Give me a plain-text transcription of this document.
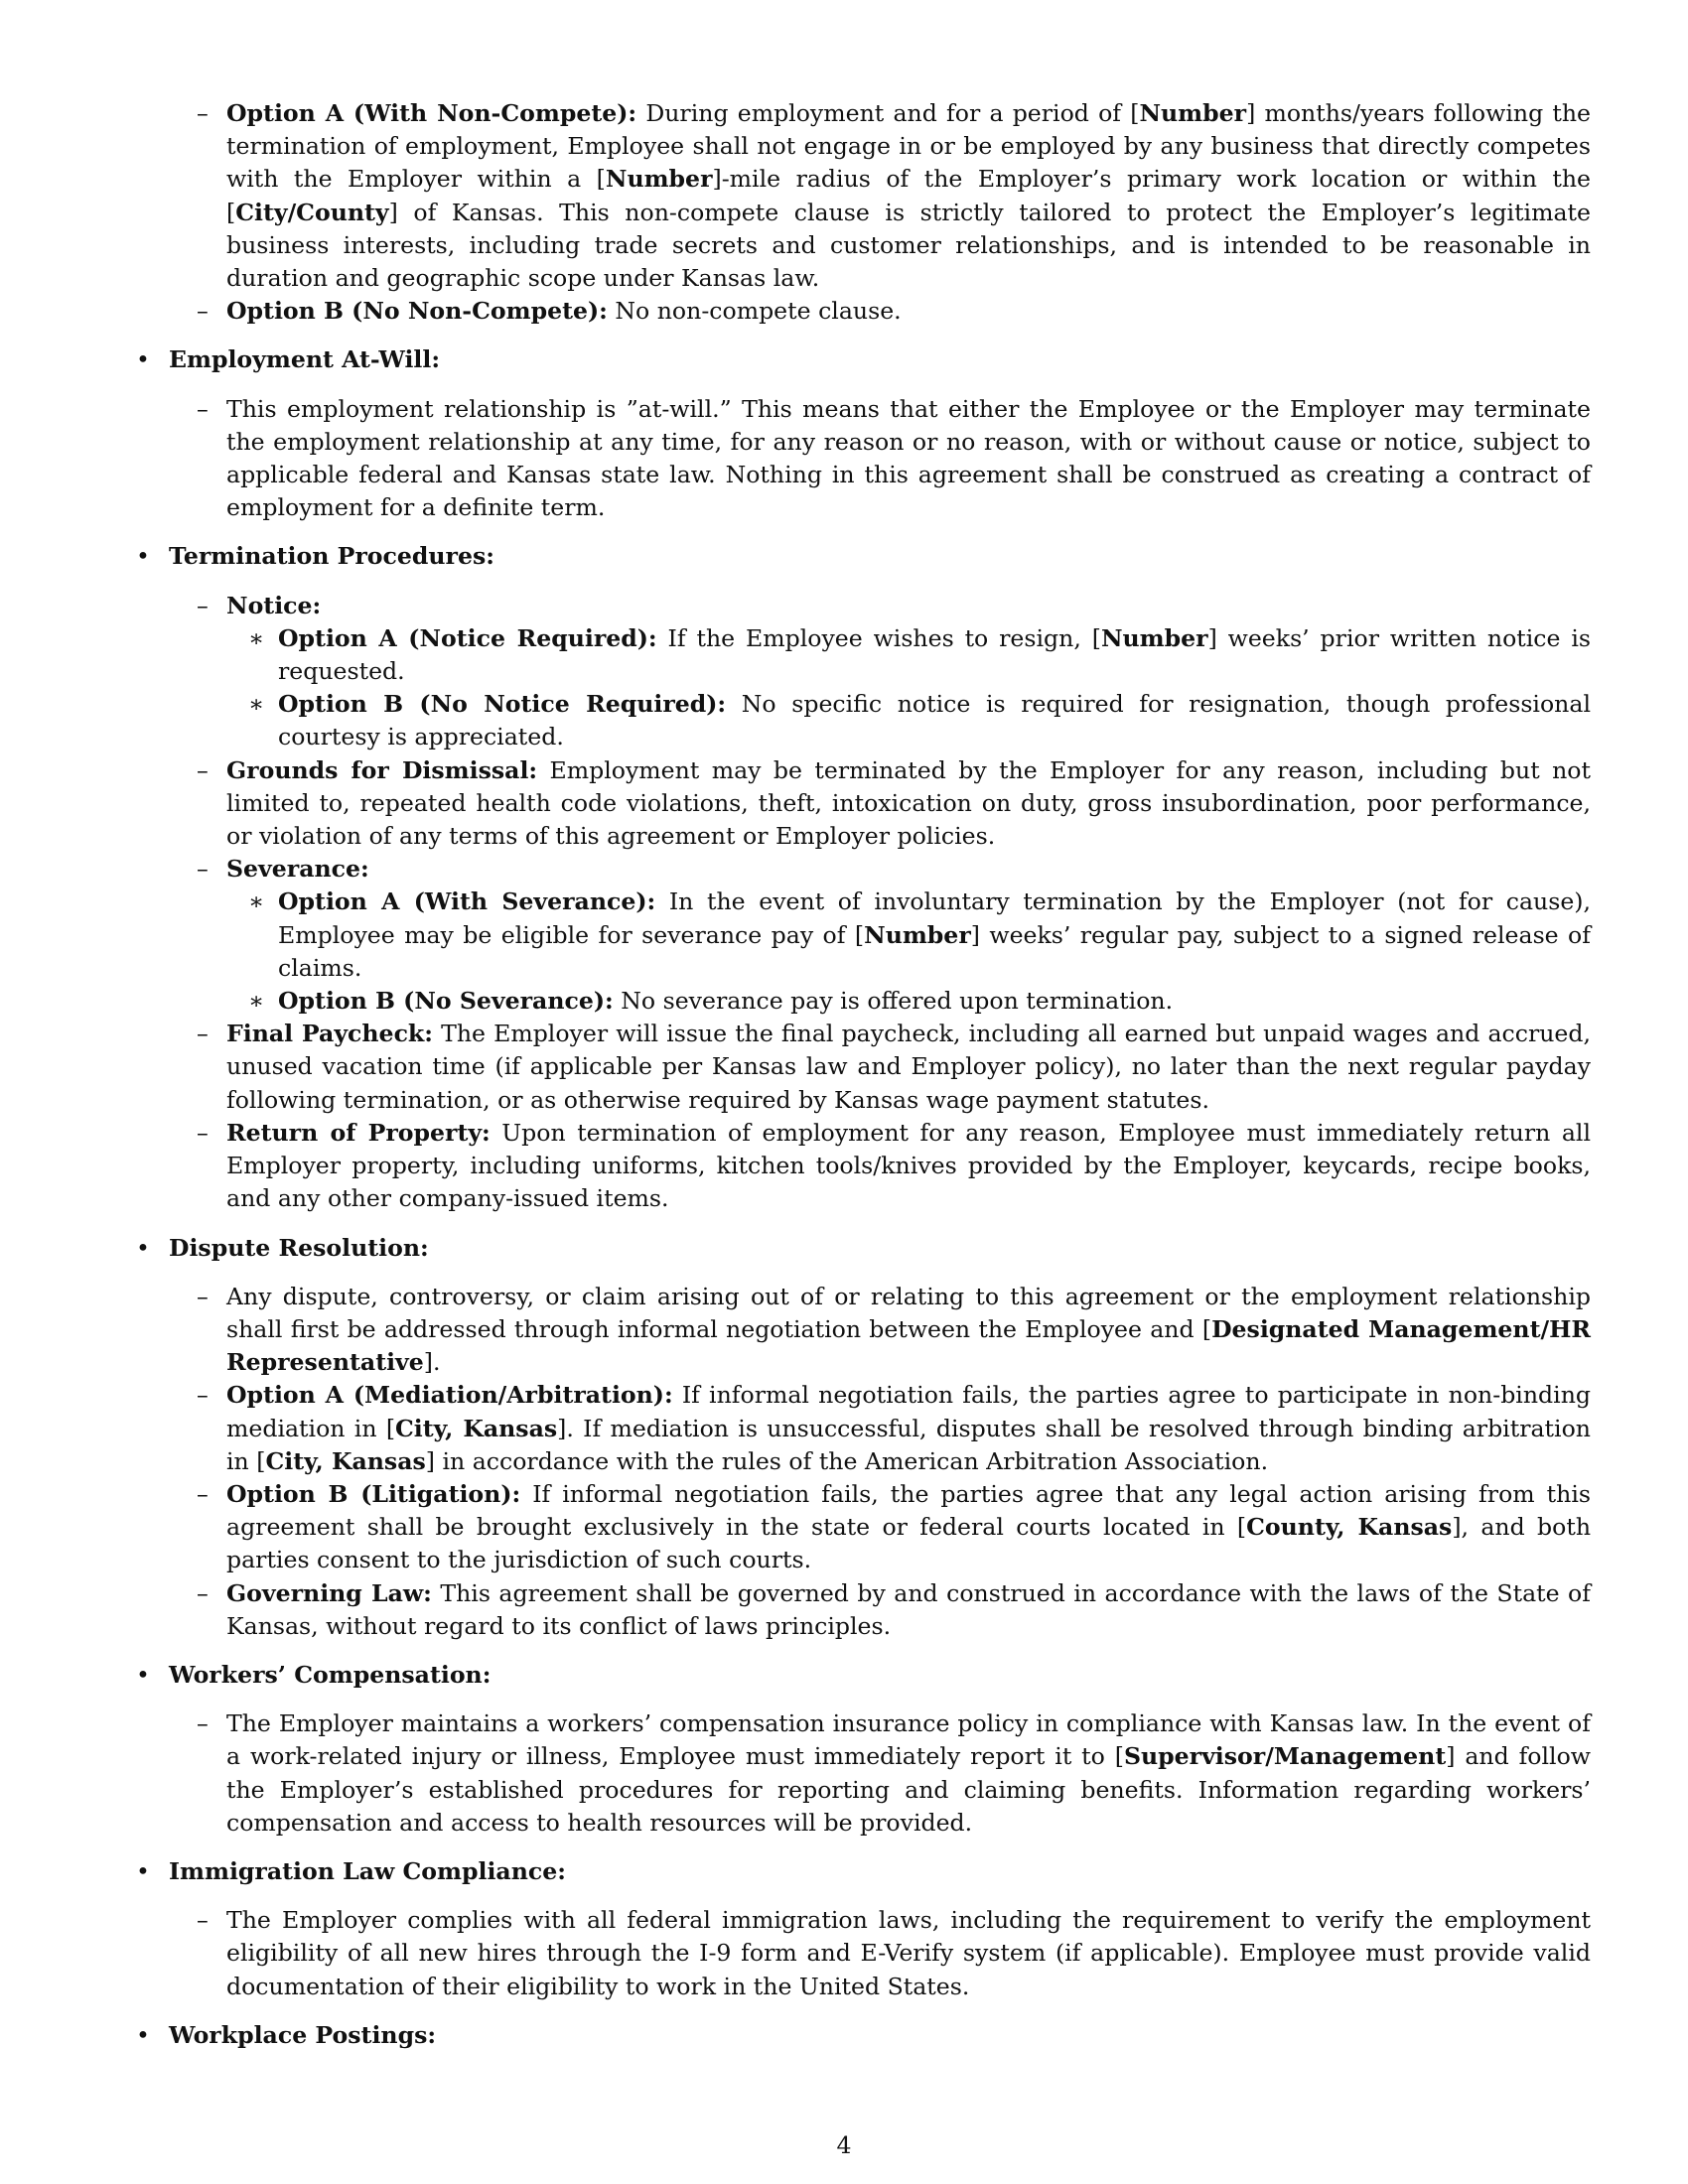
– Option A (With Non-Compete): During employment and for a period of [Number] months/years following the termination of employment, Employee shall not engage in or be employed by any business that directly competes with the Employer within a [Number]-mile radius of the Employer’s primary work location or within the [City/County] of Kansas. This non-compete clause is strictly tailored to protect the Employer’s legitimate business interests, including trade secrets and customer relationships, and is intended to be reasonable in duration and geographic scope under Kansas law.
– Option B (No Non-Compete): No non-compete clause.
• Employment At-Will:
– This employment relationship is ”at-will.” This means that either the Employee or the Employer may terminate the employment relationship at any time, for any reason or no reason, with or without cause or notice, subject to applicable federal and Kansas state law. Nothing in this agreement shall be construed as creating a contract of employment for a definite term.
• Termination Procedures:
– Notice:
∗ Option A (Notice Required): If the Employee wishes to resign, [Number] weeks’ prior written notice is requested.
∗ Option B (No Notice Required): No specific notice is required for resignation, though professional courtesy is appreciated.
– Grounds for Dismissal: Employment may be terminated by the Employer for any reason, including but not limited to, repeated health code violations, theft, intoxication on duty, gross insubordination, poor performance, or violation of any terms of this agreement or Employer policies.
– Severance:
∗ Option A (With Severance): In the event of involuntary termination by the Employer (not for cause), Employee may be eligible for severance pay of [Number] weeks’ regular pay, subject to a signed release of claims.
∗ Option B (No Severance): No severance pay is offered upon termination.
– Final Paycheck: The Employer will issue the final paycheck, including all earned but unpaid wages and accrued, unused vacation time (if applicable per Kansas law and Employer policy), no later than the next regular payday following termination, or as otherwise required by Kansas wage payment statutes.
– Return of Property: Upon termination of employment for any reason, Employee must immediately return all Employer property, including uniforms, kitchen tools/knives provided by the Employer, keycards, recipe books, and any other company-issued items.
• Dispute Resolution:
– Any dispute, controversy, or claim arising out of or relating to this agreement or the employment relationship shall first be addressed through informal negotiation between the Employee and [Designated Management/HR Representative].
– Option A (Mediation/Arbitration): If informal negotiation fails, the parties agree to participate in non-binding mediation in [City, Kansas]. If mediation is unsuccessful, disputes shall be resolved through binding arbitration in [City, Kansas] in accordance with the rules of the American Arbitration Association.
– Option B (Litigation): If informal negotiation fails, the parties agree that any legal action arising from this agreement shall be brought exclusively in the state or federal courts located in [County, Kansas], and both parties consent to the jurisdiction of such courts.
– Governing Law: This agreement shall be governed by and construed in accordance with the laws of the State of Kansas, without regard to its conflict of laws principles.
• Workers’ Compensation:
– The Employer maintains a workers’ compensation insurance policy in compliance with Kansas law. In the event of a work-related injury or illness, Employee must immediately report it to [Supervisor/Management] and follow the Employer’s established procedures for reporting and claiming benefits. Information regarding workers’ compensation and access to health resources will be provided.
• Immigration Law Compliance:
– The Employer complies with all federal immigration laws, including the requirement to verify the employment eligibility of all new hires through the I-9 form and E-Verify system (if applicable). Employee must provide valid documentation of their eligibility to work in the United States.
• Workplace Postings:
4
